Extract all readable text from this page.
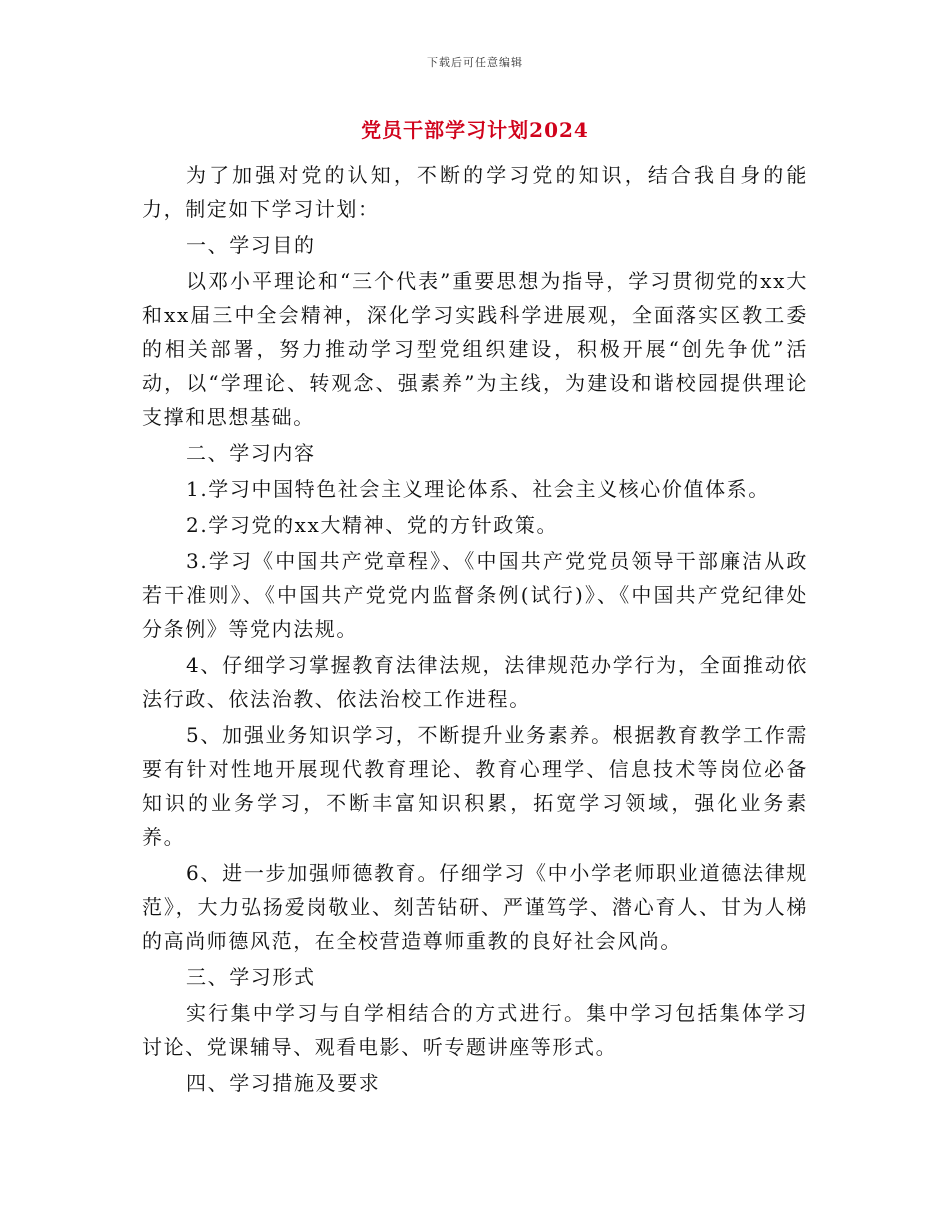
下载后可任意编辑
党员干部学习计划2024

为了加强对党的认知，不断的学习党的知识，结合我自身的能力，制定如下学习计划：

一、学习目的

以邓小平理论和“三个代表”重要思想为指导，学习贯彻党的xx大和xx届三中全会精神，深化学习实践科学进展观，全面落实区教工委的相关部署，努力推动学习型党组织建设，积极开展“创先争优”活动，以“学理论、转观念、强素养”为主线，为建设和谐校园提供理论支撑和思想基础。

二、学习内容

1.学习中国特色社会主义理论体系、社会主义核心价值体系。

2.学习党的xx大精神、党的方针政策。

3.学习《中国共产党章程》、《中国共产党党员领导干部廉洁从政若干准则》、《中国共产党党内监督条例(试行)》、《中国共产党纪律处分条例》等党内法规。

4、仔细学习掌握教育法律法规，法律规范办学行为，全面推动依法行政、依法治教、依法治校工作进程。

5、加强业务知识学习，不断提升业务素养。根据教育教学工作需要有针对性地开展现代教育理论、教育心理学、信息技术等岗位必备知识的业务学习，不断丰富知识积累，拓宽学习领域，强化业务素养。

6、进一步加强师德教育。仔细学习《中小学老师职业道德法律规范》，大力弘扬爱岗敬业、刻苦钻研、严谨笃学、潜心育人、甘为人梯的高尚师德风范，在全校营造尊师重教的良好社会风尚。

三、学习形式

实行集中学习与自学相结合的方式进行。集中学习包括集体学习讨论、党课辅导、观看电影、听专题讲座等形式。

四、学习措施及要求
